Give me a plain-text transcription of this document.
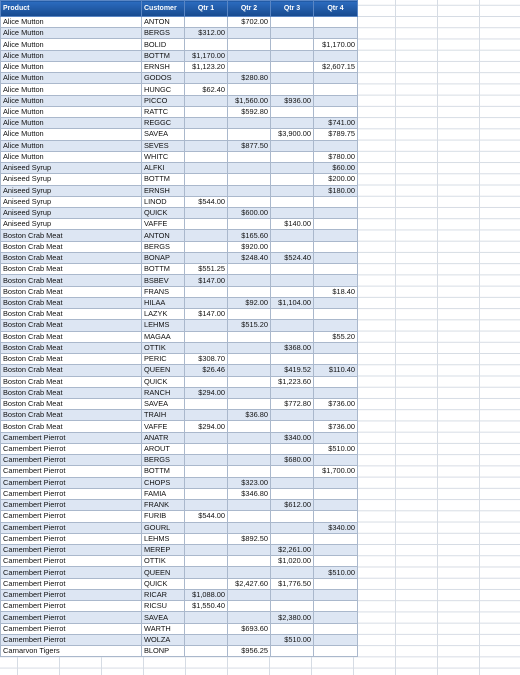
Product	Customer	Qtr 1	Qtr 2	Qtr 3	Qtr 4
Alice Mutton	ANTON		$702.00		
Alice Mutton	BERGS	$312.00			
Alice Mutton	BOLID				$1,170.00
Alice Mutton	BOTTM	$1,170.00			
Alice Mutton	ERNSH	$1,123.20			$2,607.15
Alice Mutton	GODOS		$280.80		
Alice Mutton	HUNGC	$62.40			
Alice Mutton	PICCO		$1,560.00	$936.00	
Alice Mutton	RATTC		$592.80		
Alice Mutton	REGGC				$741.00
Alice Mutton	SAVEA			$3,900.00	$789.75
Alice Mutton	SEVES		$877.50		
Alice Mutton	WHITC				$780.00
Aniseed Syrup	ALFKI				$60.00
Aniseed Syrup	BOTTM				$200.00
Aniseed Syrup	ERNSH				$180.00
Aniseed Syrup	LINOD	$544.00			
Aniseed Syrup	QUICK		$600.00		
Aniseed Syrup	VAFFE			$140.00	
Boston Crab Meat	ANTON		$165.60		
Boston Crab Meat	BERGS		$920.00		
Boston Crab Meat	BONAP		$248.40	$524.40	
Boston Crab Meat	BOTTM	$551.25			
Boston Crab Meat	BSBEV	$147.00			
Boston Crab Meat	FRANS				$18.40
Boston Crab Meat	HILAA		$92.00	$1,104.00	
Boston Crab Meat	LAZYK	$147.00			
Boston Crab Meat	LEHMS		$515.20		
Boston Crab Meat	MAGAA				$55.20
Boston Crab Meat	OTTIK			$368.00	
Boston Crab Meat	PERIC	$308.70			
Boston Crab Meat	QUEEN	$26.46		$419.52	$110.40
Boston Crab Meat	QUICK			$1,223.60	
Boston Crab Meat	RANCH	$294.00			
Boston Crab Meat	SAVEA			$772.80	$736.00
Boston Crab Meat	TRAIH		$36.80		
Boston Crab Meat	VAFFE	$294.00			$736.00
Camembert Pierrot	ANATR			$340.00	
Camembert Pierrot	AROUT				$510.00
Camembert Pierrot	BERGS			$680.00	
Camembert Pierrot	BOTTM				$1,700.00
Camembert Pierrot	CHOPS		$323.00		
Camembert Pierrot	FAMIA		$346.80		
Camembert Pierrot	FRANK			$612.00	
Camembert Pierrot	FURIB	$544.00			
Camembert Pierrot	GOURL				$340.00
Camembert Pierrot	LEHMS		$892.50		
Camembert Pierrot	MEREP			$2,261.00	
Camembert Pierrot	OTTIK			$1,020.00	
Camembert Pierrot	QUEEN				$510.00
Camembert Pierrot	QUICK		$2,427.60	$1,776.50	
Camembert Pierrot	RICAR	$1,088.00			
Camembert Pierrot	RICSU	$1,550.40			
Camembert Pierrot	SAVEA			$2,380.00	
Camembert Pierrot	WARTH		$693.60		
Camembert Pierrot	WOLZA			$510.00	
Carnarvon Tigers	BLONP		$956.25		
